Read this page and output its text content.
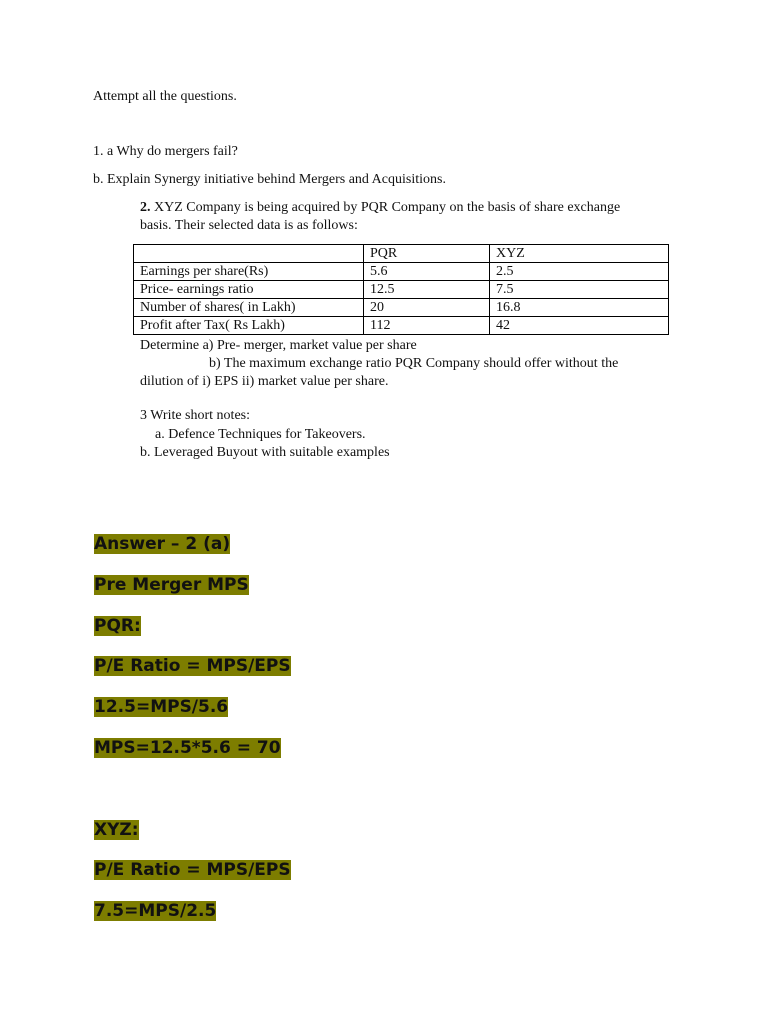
Attempt all the questions.
1. a Why do mergers fail?
b. Explain Synergy initiative behind Mergers and Acquisitions.
2. XYZ Company is being acquired by PQR Company on the basis of share exchange
basis. Their selected data is as follows:
	PQR	XYZ
Earnings per share(Rs)	5.6	2.5
Price- earnings ratio	12.5	7.5
Number of shares( in Lakh)	20	16.8
Profit after Tax( Rs Lakh)	112	42
Determine a) Pre- merger, market value per share
b) The maximum exchange ratio PQR Company should offer without the
dilution of i) EPS ii) market value per share.
3 Write short notes:
a. Defence Techniques for Takeovers.
b. Leveraged Buyout with suitable examples
Answer – 2 (a)
Pre Merger MPS
PQR:
P/E Ratio = MPS/EPS
12.5=MPS/5.6
MPS=12.5*5.6 = 70
XYZ:
P/E Ratio = MPS/EPS
7.5=MPS/2.5
